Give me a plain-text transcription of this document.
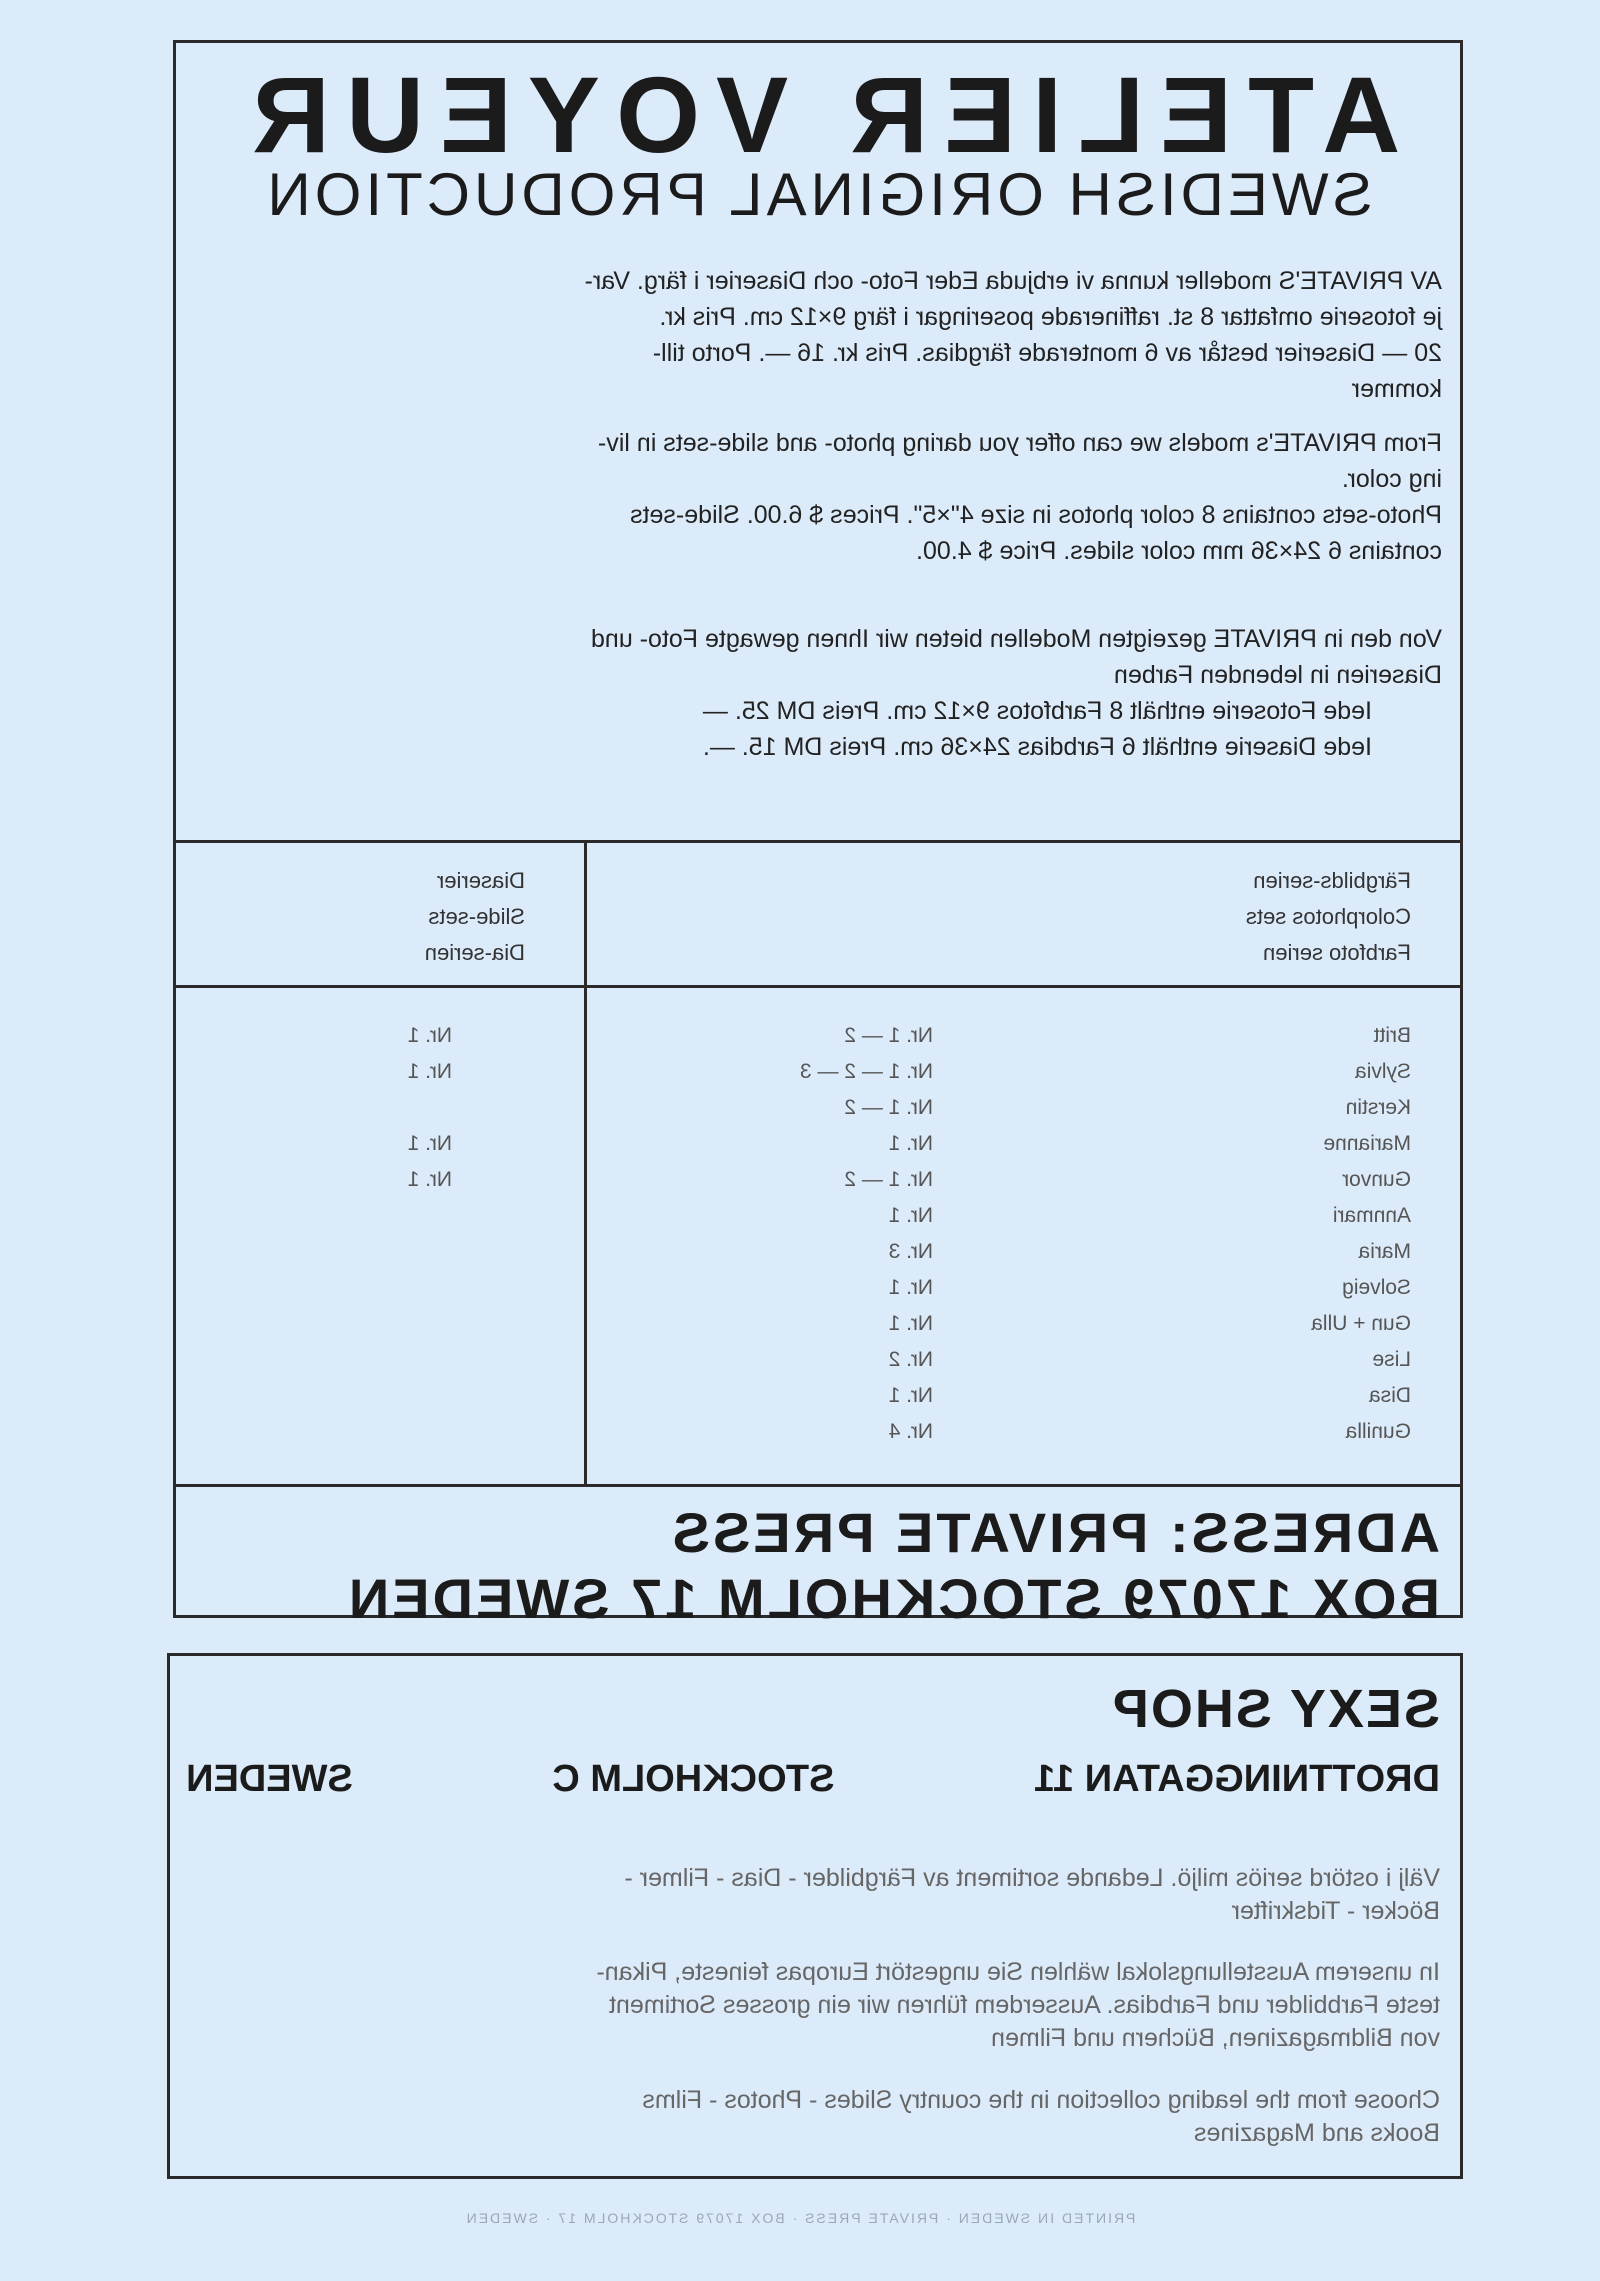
ATELIER VOYEUR
SWEDISH ORIGINAL PRODUCTION
AV PRIVATE'S modeller kunna vi erbjuda Eder Foto- och Diaserier i färg. Var-
je fotoserie omfattar 8 st. raffinerade poseringar i färg 9×12 cm. Pris kr.
20 — Diaserier består av 6 monterade färgdias. Pris kr. 16 —. Porto till-
kommer
From PRIVATE's models we can offer you daring photo- and slide-sets in liv-
ing color.
Photo-sets contains 8 color photos in size 4"×5". Prices $ 6.00. Slide-sets
contains 6 24×36 mm color slides. Price $ 4.00.
Von den in PRIVATE gezeigten Modellen bieten wir Ihnen gewagte Foto- und
Diaserien in lebenden Farben
Iede Fotoserie enthält 8 Farbfotos 9×12 cm. Preis DM 25. —
Iede Diaserie enthält 6 Farbdias 24×36 cm. Preis DM 15. —.
Färgbilds-serien
Colorphotos sets
Farbfoto serien
Diaserier
Slide-sets
Dia-serien
Britt
Nr. 1 — 2
Nr. 1
Sylvia
Nr. 1 — 2 — 3
Nr. 1
Kerstin
Nr. 1 — 2
Marianne
Nr. 1
Nr. 1
Gunvor
Nr. 1 — 2
Nr. 1
Annmari
Nr. 1
Maria
Nr. 3
Solveig
Nr. 1
Gun + Ulla
Nr. 1
Lise
Nr. 2
Disa
Nr. 1
Gunilla
Nr. 4
ADRESS: PRIVATE PRESS
BOX 17079 STOCKHOLM 17 SWEDEN
SEXY SHOP
DROTTNINGGATAN 11
STOCKHOLM C
SWEDEN
Välj i ostörd seriös miljö. Ledande sortiment av Färgbilder - Dias - Filmer -
Böcker - Tidskrifter
In unserem Ausstellungslokal wählen Sie ungestört Europas feineste, Pikan-
teste Farbbilder und Farbdias. Ausserdem führen wir ein grosses Sortiment
von Bildmagazinen, Büchern und Filmen
Choose from the leading collection in the country Slides - Photos - Films
Books and Magazines
PRINTED IN SWEDEN · PRIVATE PRESS · BOX 17079 STOCKHOLM 17 · SWEDEN
